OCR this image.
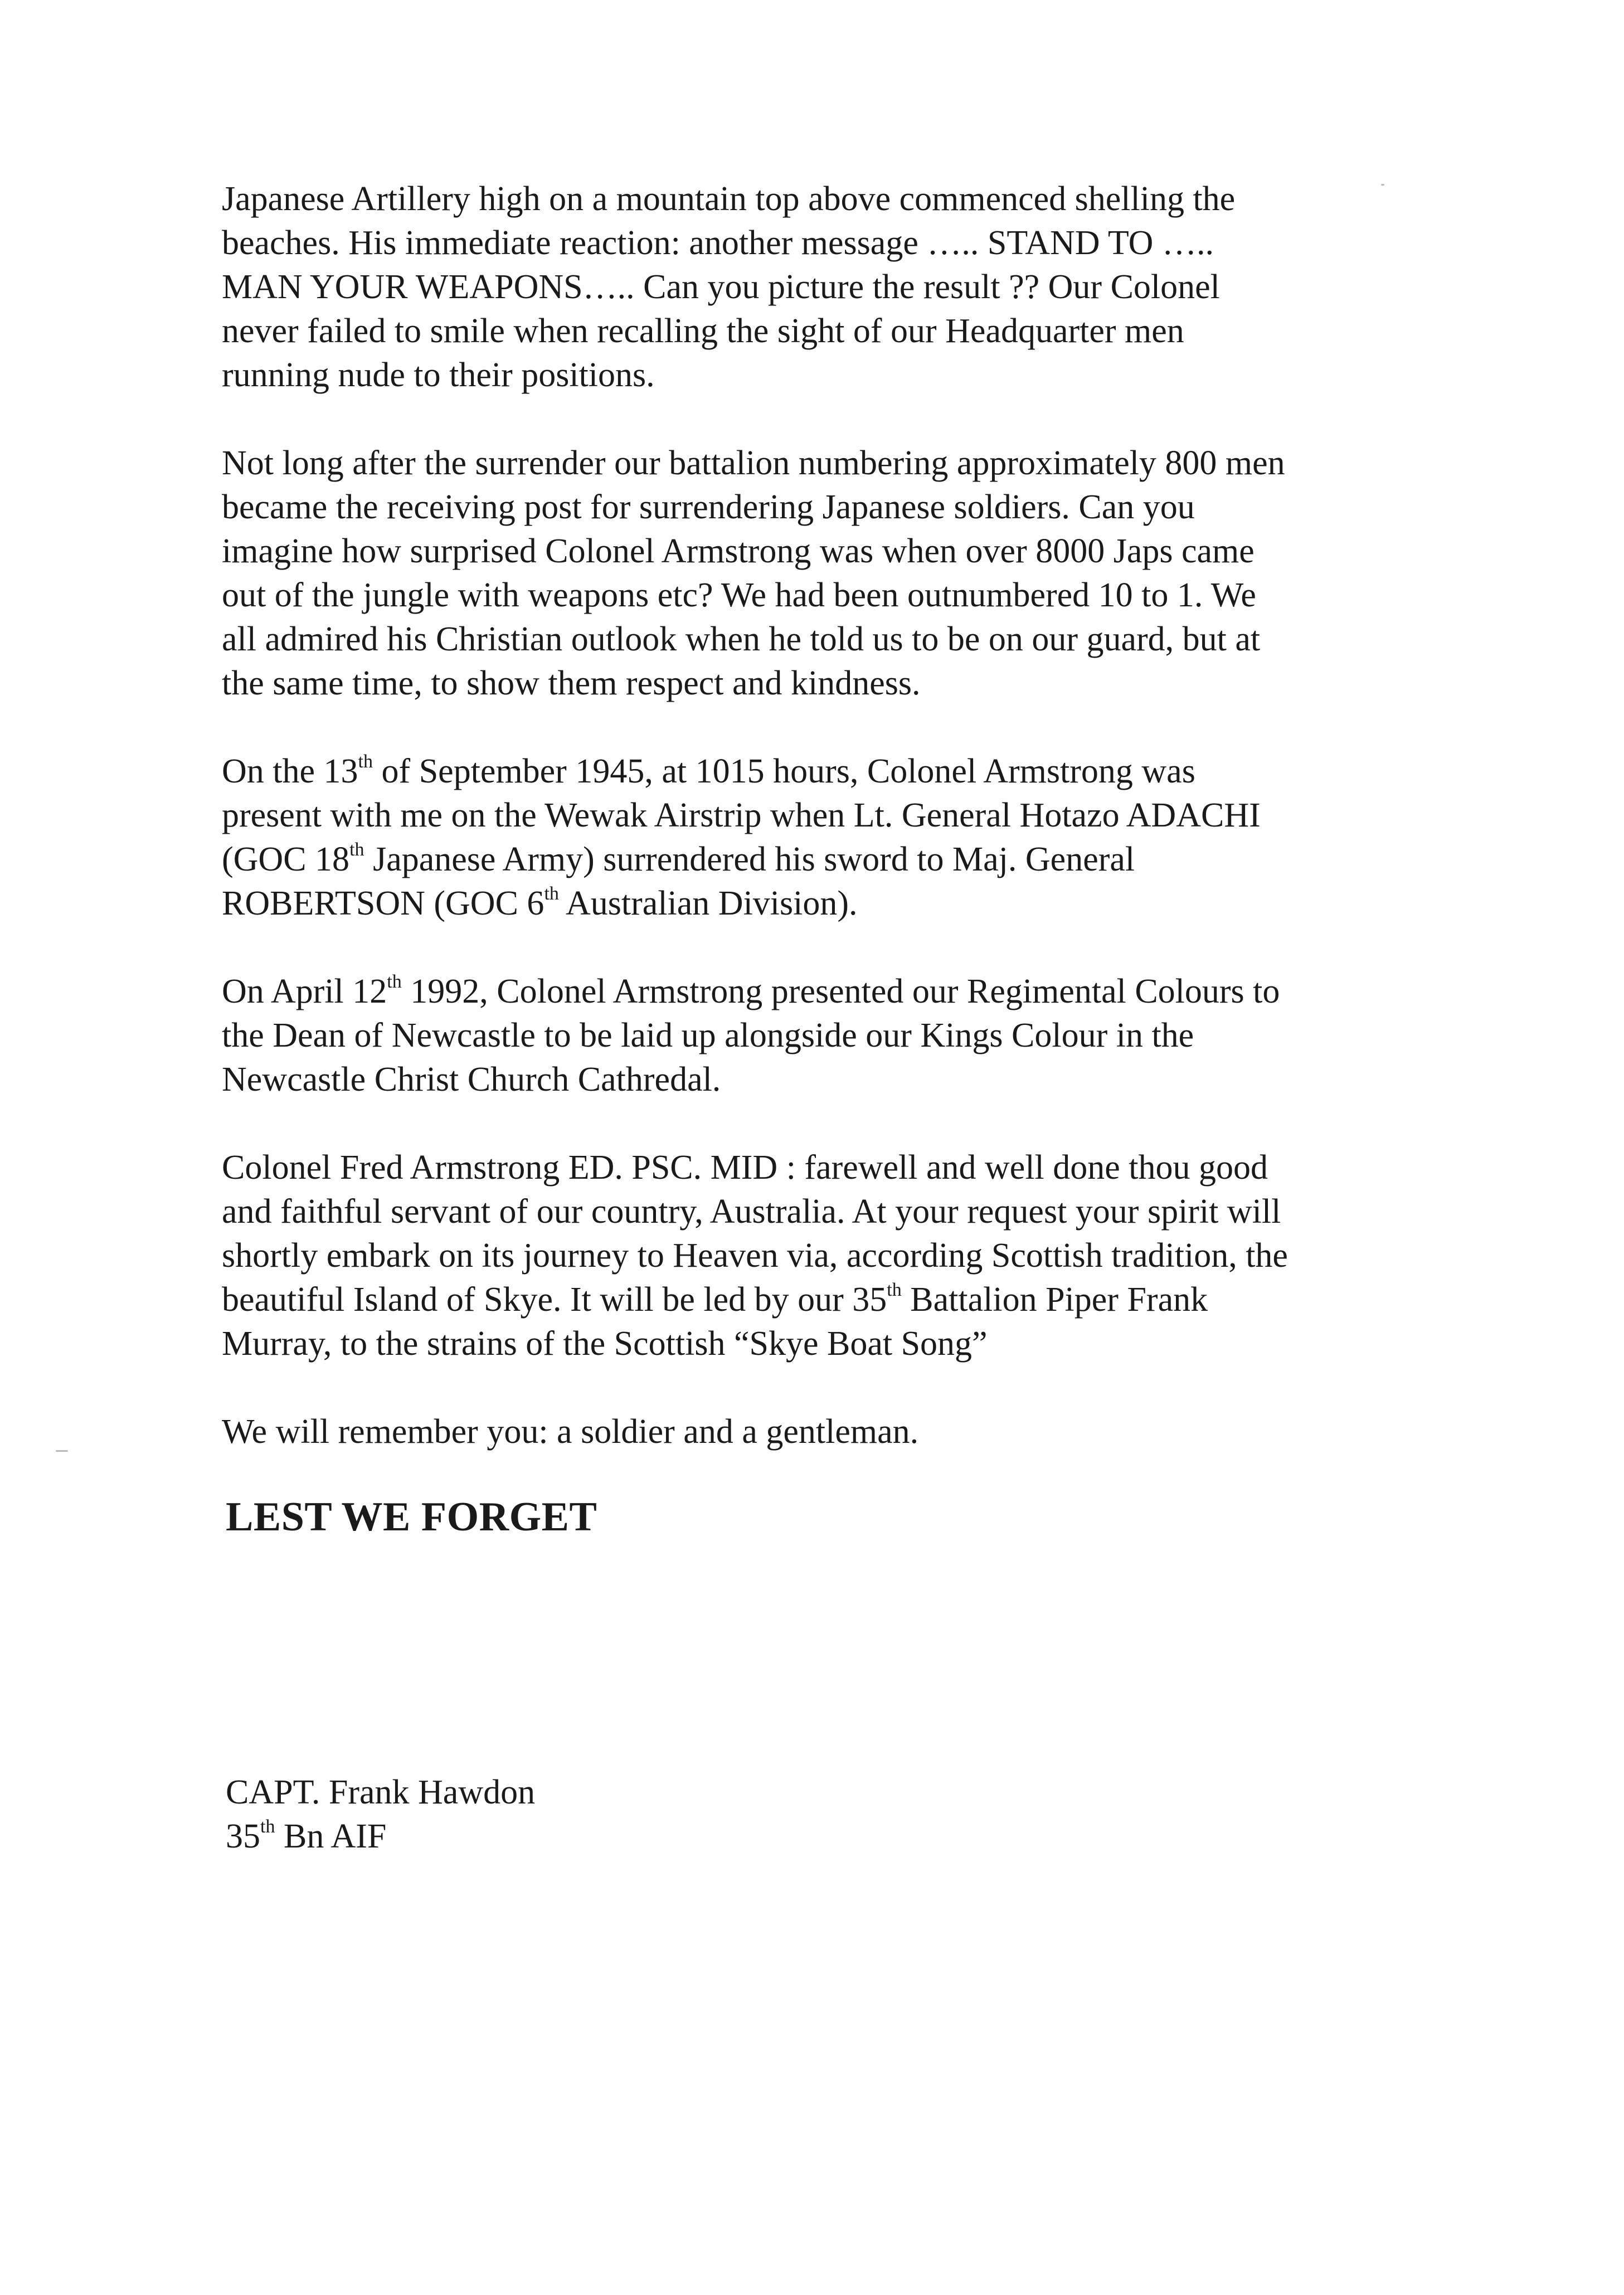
Japanese Artillery high on a mountain top above commenced shelling the
beaches. His immediate reaction: another message ….. STAND TO …..
MAN YOUR WEAPONS….. Can you picture the result ?? Our Colonel
never failed to smile when recalling the sight of our Headquarter men
running nude to their positions.
Not long after the surrender our battalion numbering approximately 800 men
became the receiving post for surrendering Japanese soldiers. Can you
imagine how surprised Colonel Armstrong was when over 8000 Japs came
out of the jungle with weapons etc? We had been outnumbered 10 to 1. We
all admired his Christian outlook when he told us to be on our guard, but at
the same time, to show them respect and kindness.
On the 13th of September 1945, at 1015 hours, Colonel Armstrong was
present with me on the Wewak Airstrip when Lt. General Hotazo ADACHI
(GOC 18th Japanese Army) surrendered his sword to Maj. General
ROBERTSON (GOC 6th Australian Division).
On April 12th 1992, Colonel Armstrong presented our Regimental Colours to
the Dean of Newcastle to be laid up alongside our Kings Colour in the
Newcastle Christ Church Cathredal.
Colonel Fred Armstrong ED. PSC. MID : farewell and well done thou good
and faithful servant of our country, Australia. At your request your spirit will
shortly embark on its journey to Heaven via, according Scottish tradition, the
beautiful Island of Skye. It will be led by our 35th Battalion Piper Frank
Murray, to the strains of the Scottish “Skye Boat Song”
We will remember you: a soldier and a gentleman.
LEST WE FORGET
CAPT. Frank Hawdon
35th Bn AIF
